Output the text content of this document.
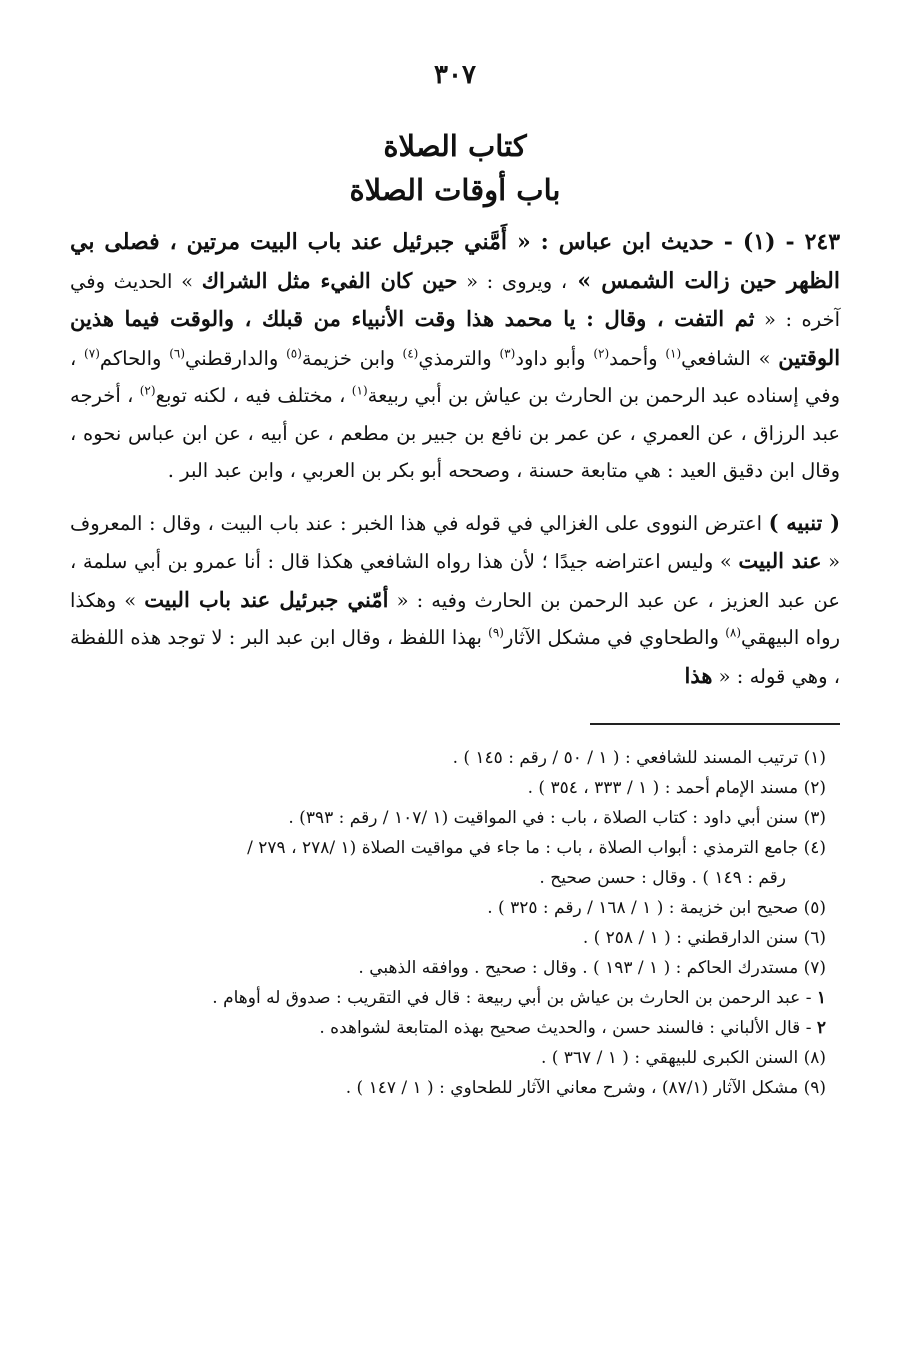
٣٠٧
كتاب الصلاة
باب أوقات الصلاة

٢٤٣ - (١) - حديث ابن عباس : « أَمَّني جبرئيل عند باب البيت مرتين ، فصلى بي الظهر حين زالت الشمس » ، ويروى : « حين كان الفيء مثل الشراك » الحديث وفي آخره : « ثم التفت ، وقال : يا محمد هذا وقت الأنبياء من قبلك ، والوقت فيما هذين الوقتين » الشافعي$^{(١)}$ وأحمد$^{(٢)}$ وأبو داود$^{(٣)}$ والترمذي$^{(٤)}$ وابن خزيمة$^{(٥)}$ والدارقطني$^{(٦)}$ والحاكم$^{(٧)}$ ، وفي إسناده عبد الرحمن بن الحارث بن عياش بن أبي ربيعة$^{(١)}$ ، مختلف فيه ، لكنه توبع$^{(٢)}$ ، أخرجه عبد الرزاق ، عن العمري ، عن عمر بن نافع بن جبير بن مطعم ، عن أبيه ، عن ابن عباس نحوه ، وقال ابن دقيق العيد : هي متابعة حسنة ، وصححه أبو بكر بن العربي ، وابن عبد البر .

( تنبيه ) اعترض النووى على الغزالي في قوله في هذا الخبر : عند باب البيت ، وقال : المعروف « عند البيت » وليس اعتراضه جيدًا ؛ لأن هذا رواه الشافعي هكذا قال : أنا عمرو بن أبي سلمة ، عن عبد العزيز ، عن عبد الرحمن بن الحارث وفيه : « أمّني جبرئيل عند باب البيت » وهكذا رواه البيهقي$^{(٨)}$ والطحاوي في مشكل الآثار$^{(٩)}$ بهذا اللفظ ، وقال ابن عبد البر : لا توجد هذه اللفظة ، وهي قوله : « هذا

(١) ترتيب المسند للشافعي : ( ١ / ٥٠ / رقم : ١٤٥ ) .

(٢) مسند الإمام أحمد : ( ١ / ٣٣٣ ، ٣٥٤ ) .

(٣) سنن أبي داود : كتاب الصلاة ، باب : في المواقيت (١ /١٠٧ / رقم : ٣٩٣) .

(٤) جامع الترمذي : أبواب الصلاة ، باب : ما جاء في مواقيت الصلاة (١ /٢٧٨ ، ٢٧٩ /
رقم : ١٤٩ ) . وقال : حسن صحيح .

(٥) صحيح ابن خزيمة : ( ١ / ١٦٨ / رقم : ٣٢٥ ) .

(٦) سنن الدارقطني : ( ١ / ٢٥٨ ) .

(٧) مستدرك الحاكم : ( ١ / ١٩٣ ) . وقال : صحيح . ووافقه الذهبي .

١ - عبد الرحمن بن الحارث بن عياش بن أبي ربيعة : قال في التقريب : صدوق له أوهام .

٢ - قال الألباني : فالسند حسن ، والحديث صحيح بهذه المتابعة لشواهده .

(٨) السنن الكبرى للبيهقي : ( ١ / ٣٦٧ ) .

(٩) مشكل الآثار (٨٧/١) ، وشرح معاني الآثار للطحاوي : ( ١ / ١٤٧ ) .
